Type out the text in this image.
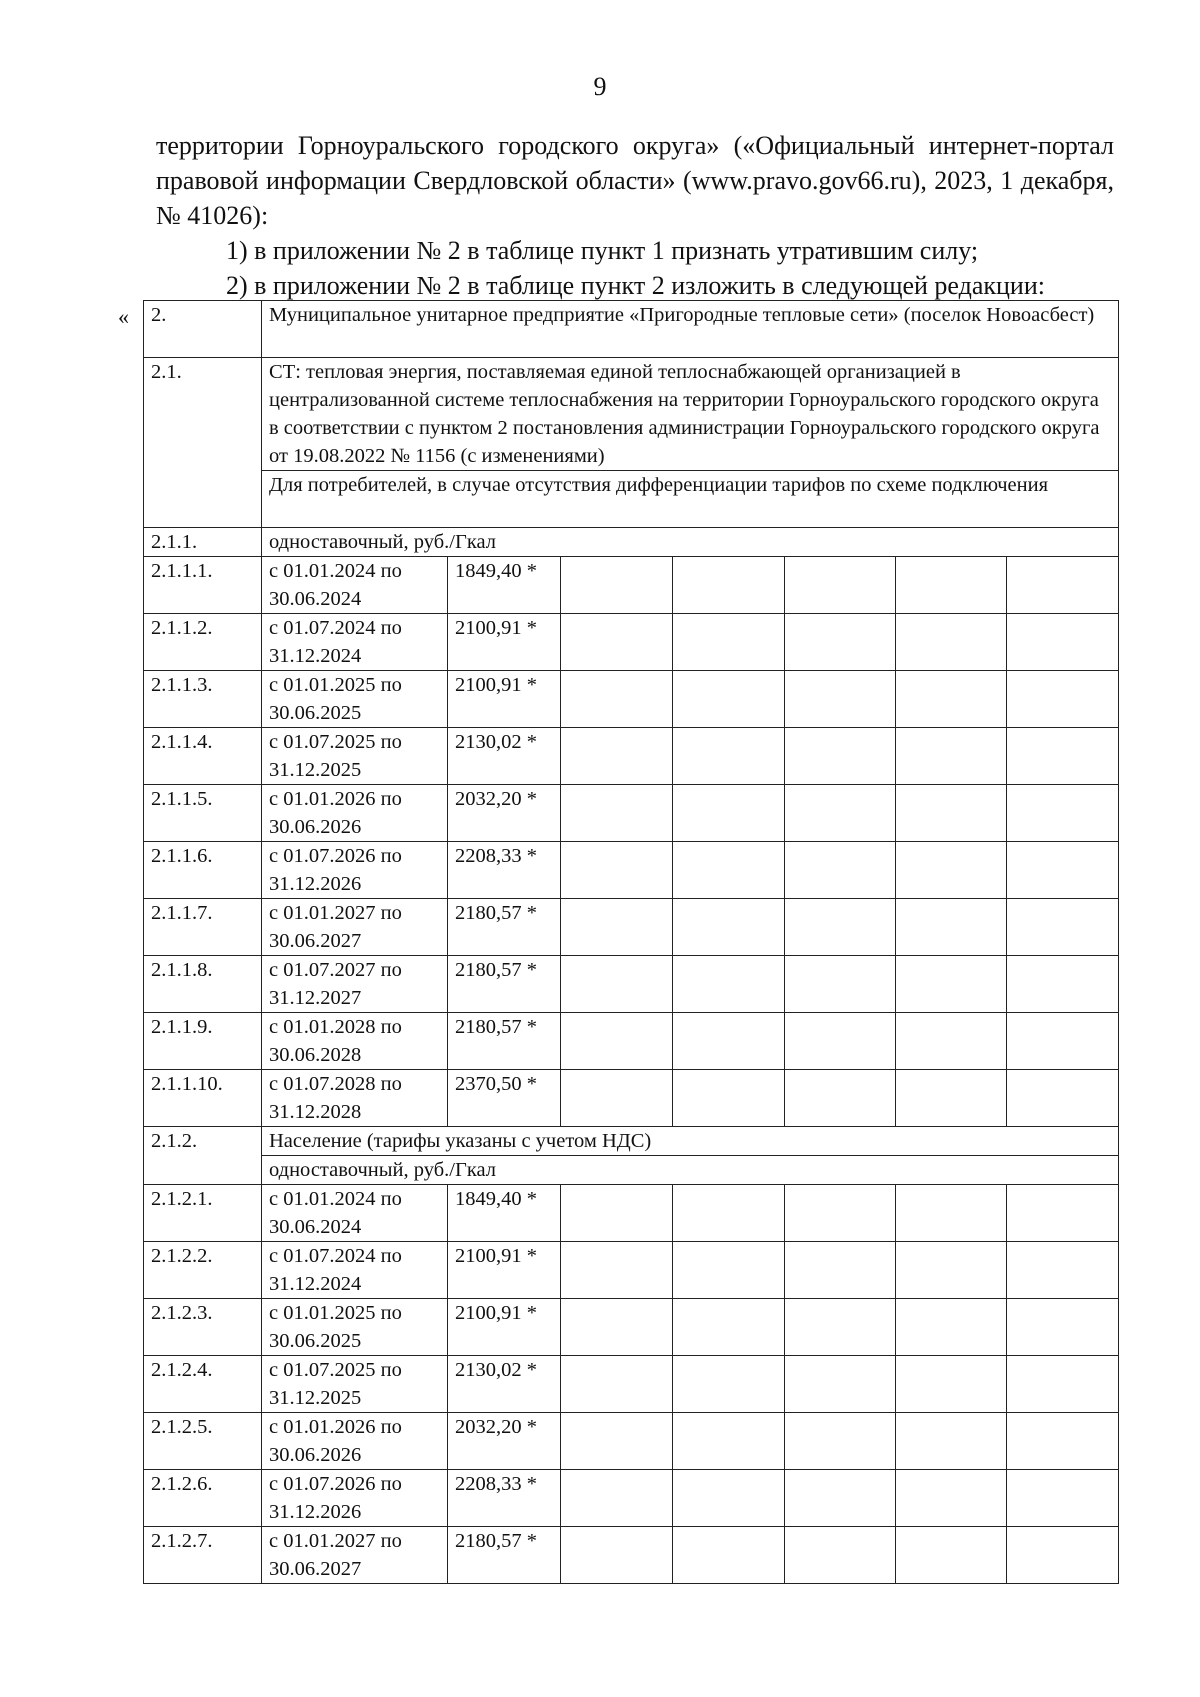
9

территории Горноуральского городского округа» («Официальный интернет-портал правовой информации Свердловской области» (www.pravo.gov66.ru), 2023, 1 декабря, № 41026):

1) в приложении № 2 в таблице пункт 1 признать утратившим силу;

2) в приложении № 2 в таблице пункт 2 изложить в следующей редакции:

« 2.	Муниципальное унитарное предприятие «Пригородные тепловые сети» (поселок Новоасбест)						
2.1.	СТ: тепловая энергия, поставляемая единой теплоснабжающей организацией в централизованной системе теплоснабжения на территории Горноуральского городского округа в соответствии с пунктом 2 постановления администрации Горноуральского городского округа от 19.08.2022 № 1156 (с изменениями)						
	Для потребителей, в случае отсутствия дифференциации тарифов по схеме подключения						
2.1.1.	одноставочный, руб./Гкал						
2.1.1.1.	с 01.01.2024 по 30.06.2024	1849,40 *					
2.1.1.2.	с 01.07.2024 по 31.12.2024	2100,91 *					
2.1.1.3.	с 01.01.2025 по 30.06.2025	2100,91 *					
2.1.1.4.	с 01.07.2025 по 31.12.2025	2130,02 *					
2.1.1.5.	с 01.01.2026 по 30.06.2026	2032,20 *					
2.1.1.6.	с 01.07.2026 по 31.12.2026	2208,33 *					
2.1.1.7.	с 01.01.2027 по 30.06.2027	2180,57 *					
2.1.1.8.	с 01.07.2027 по 31.12.2027	2180,57 *					
2.1.1.9.	с 01.01.2028 по 30.06.2028	2180,57 *					
2.1.1.10.	с 01.07.2028 по 31.12.2028	2370,50 *					
2.1.2.	Население (тарифы указаны с учетом НДС)						
	одноставочный, руб./Гкал						
2.1.2.1.	с 01.01.2024 по 30.06.2024	1849,40 *					
2.1.2.2.	с 01.07.2024 по 31.12.2024	2100,91 *					
2.1.2.3.	с 01.01.2025 по 30.06.2025	2100,91 *					
2.1.2.4.	с 01.07.2025 по 31.12.2025	2130,02 *					
2.1.2.5.	с 01.01.2026 по 30.06.2026	2032,20 *					
2.1.2.6.	с 01.07.2026 по 31.12.2026	2208,33 *					
2.1.2.7.	с 01.01.2027 по 30.06.2027	2180,57 *					
